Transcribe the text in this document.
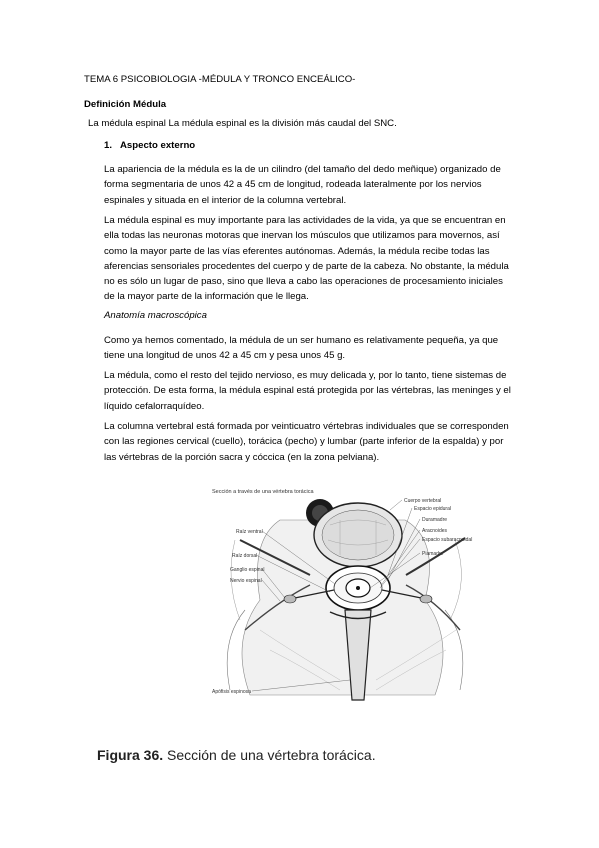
TEMA 6 PSICOBIOLOGIA -MÉDULA Y TRONCO ENCEÁLICO-
Definición Médula
La médula espinal La médula espinal es la división más caudal del SNC.
1. Aspecto externo
La apariencia de la médula es la de un cilindro (del tamaño del dedo meñique) organizado de forma segmentaria de unos 42 a 45 cm de longitud, rodeada lateralmente por los nervios espinales y situada en el interior de la columna vertebral.
La médula espinal es muy importante para las actividades de la vida, ya que se encuentran en ella todas las neuronas motoras que inervan los músculos que utilizamos para movernos, así como la mayor parte de las vías eferentes autónomas. Además, la médula recibe todas las aferencias sensoriales procedentes del cuerpo y de parte de la cabeza. No obstante, la médula no es sólo un lugar de paso, sino que lleva a cabo las operaciones de procesamiento iniciales de la mayor parte de la información que le llega.
Anatomía macroscópica
Como ya hemos comentado, la médula de un ser humano es relativamente pequeña, ya que tiene una longitud de unos 42 a 45 cm y pesa unos 45 g.
La médula, como el resto del tejido nervioso, es muy delicada y, por lo tanto, tiene sistemas de protección. De esta forma, la médula espinal está protegida por las vértebras, las meninges y el líquido cefalorraquídeo.
La columna vertebral está formada por veinticuatro vértebras individuales que se corresponden con las regiones cervical (cuello), torácica (pecho) y lumbar (parte inferior de la espalda) y por las vértebras de la porción sacra y cóccica (en la zona pelviana).
Sección a través de una vértebra torácica
Cuerpo vertebral
Espacio epidural
Duramadre
Aracnoides
Espacio subaracnoidal
Piamadre
Raíz ventral
Raíz dorsal
Ganglio espinal
Nervio espinal
Apófisis espinosa
Figura 36. Sección de una vértebra torácica.
